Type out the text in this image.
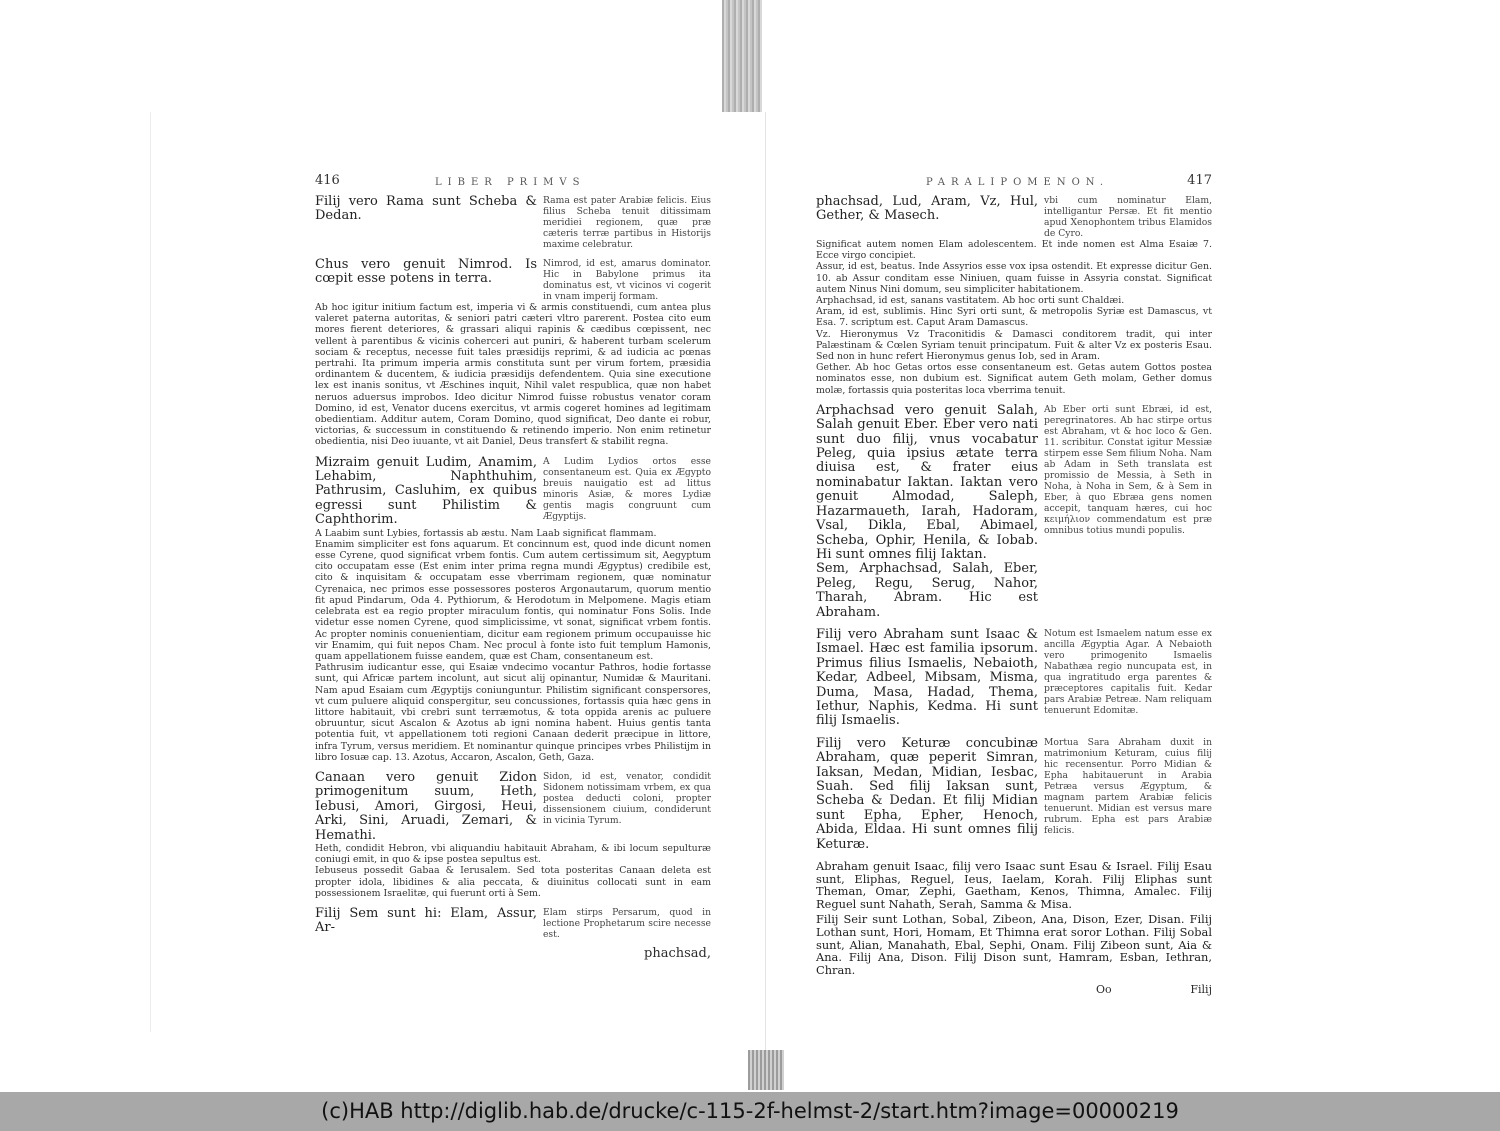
416	LIBER PRIMVS
Filij vero Rama sunt Scheba & Dedan.
Rama est pater Arabiæ felicis. Eius filius Scheba tenuit ditissimam meridiei regionem, quæ præ cæteris terræ partibus in Historijs maxime celebratur.
Chus vero genuit Nimrod. Is cœpit esse potens in terra.
Nimrod, id est, amarus dominator. Hic in Babylone primus ita dominatus est, vt vicinos vi cogerit in vnam imperij formam.
Ab hoc igitur initium factum est, imperia vi & armis constituendi, cum antea plus valeret paterna autoritas, & seniori patri cæteri vltro parerent. Postea cito eum mores fierent deteriores, & grassari aliqui rapinis & cædibus cœpissent, nec vellent à parentibus & vicinis coherceri aut puniri, & haberent turbam scelerum sociam & receptus, necesse fuit tales præsidijs reprimi, & ad iudicia ac pœnas pertrahi. Ita primum imperia armis constituta sunt per virum fortem, præsidia ordinantem & ducentem, & iudicia præsidijs defendentem. Quia sine executione lex est inanis sonitus, vt Æschines inquit, Nihil valet respublica, quæ non habet neruos aduersus improbos. Ideo dicitur Nimrod fuisse robustus venator coram Domino, id est, Venator ducens exercitus, vt armis cogeret homines ad legitimam obedientiam. Additur autem, Coram Domino, quod significat, Deo dante ei robur, victorias, & successum in constituendo & retinendo imperio. Non enim retinetur obedientia, nisi Deo iuuante, vt ait Daniel, Deus transfert & stabilit regna.
Mizraim genuit Ludim, Anamim, Lehabim, Naphthuhim, Pathrusim, Casluhim, ex quibus egressi sunt Philistim & Caphthorim.
A Ludim Lydios ortos esse consentaneum est. Quia ex Ægypto breuis nauigatio est ad littus minoris Asiæ, & mores Lydiæ gentis magis congruunt cum Ægyptijs.
A Laabim sunt Lybies, fortassis ab æstu. Nam Laab significat flammam.
Enamim simpliciter est fons aquarum. Et concinnum est, quod inde dicunt nomen esse Cyrene, quod significat vrbem fontis. Cum autem certissimum sit, Aegyptum cito occupatam esse (Est enim inter prima regna mundi Ægyptus) credibile est, cito & inquisitam & occupatam esse vberrimam regionem, quæ nominatur Cyrenaica, nec primos esse possessores posteros Argonautarum, quorum mentio fit apud Pindarum, Oda 4. Pythiorum, & Herodotum in Melpomene. Magis etiam celebrata est ea regio propter miraculum fontis, qui nominatur Fons Solis. Inde videtur esse nomen Cyrene, quod simplicissime, vt sonat, significat vrbem fontis. Ac propter nominis conuenientiam, dicitur eam regionem primum occupauisse hic vir Enamim, qui fuit nepos Cham. Nec procul à fonte isto fuit templum Hamonis, quam appellationem fuisse eandem, quæ est Cham, consentaneum est.
Pathrusim iudicantur esse, qui Esaiæ vndecimo vocantur Pathros, hodie fortasse sunt, qui Africæ partem incolunt, aut sicut alij opinantur, Numidæ & Mauritani. Nam apud Esaiam cum Ægyptijs coniunguntur. Philistim significant conspersores, vt cum puluere aliquid conspergitur, seu concussiones, fortassis quia hæc gens in littore habitauit, vbi crebri sunt terræmotus, & tota oppida arenis ac puluere obruuntur, sicut Ascalon & Azotus ab igni nomina habent. Huius gentis tanta potentia fuit, vt appellationem toti regioni Canaan dederit præcipue in littore, infra Tyrum, versus meridiem. Et nominantur quinque principes vrbes Philistijm in libro Iosuæ cap. 13. Azotus, Accaron, Ascalon, Geth, Gaza.
Canaan vero genuit Zidon primogenitum suum, Heth, Iebusi, Amori, Girgosi, Heui, Arki, Sini, Aruadi, Zemari, & Hemathi.
Sidon, id est, venator, condidit Sidonem notissimam vrbem, ex qua postea deducti coloni, propter dissensionem ciuium, condiderunt in vicinia Tyrum.
Heth, condidit Hebron, vbi aliquandiu habitauit Abraham, & ibi locum sepulturæ coniugi emit, in quo & ipse postea sepultus est.
Iebuseus possedit Gabaa & Ierusalem. Sed tota posteritas Canaan deleta est propter idola, libidines & alia peccata, & diuinitus collocati sunt in eam possessionem Israelitæ, qui fuerunt orti à Sem.
Filij Sem sunt hi: Elam, Assur, Ar-
Elam stirps Persarum, quod in lectione Prophetarum scire necesse est.
phachsad,
PARALIPOMENON.	417
phachsad, Lud, Aram, Vz, Hul, Gether, & Masech.
vbi cum nominatur Elam, intelligantur Persæ. Et fit mentio apud Xenophontem tribus Elamidos de Cyro.
Significat autem nomen Elam adolescentem. Et inde nomen est Alma Esaiæ 7. Ecce virgo concipiet.
Assur, id est, beatus. Inde Assyrios esse vox ipsa ostendit. Et expresse dicitur Gen. 10. ab Assur conditam esse Niniuen, quam fuisse in Assyria constat. Significat autem Ninus Nini domum, seu simpliciter habitationem.
Arphachsad, id est, sanans vastitatem. Ab hoc orti sunt Chaldæi.
Aram, id est, sublimis. Hinc Syri orti sunt, & metropolis Syriæ est Damascus, vt Esa. 7. scriptum est. Caput Aram Damascus.
Vz. Hieronymus Vz Traconitidis & Damasci conditorem tradit, qui inter Palæstinam & Cœlen Syriam tenuit principatum. Fuit & alter Vz ex posteris Esau. Sed non in hunc refert Hieronymus genus Iob, sed in Aram.
Gether. Ab hoc Getas ortos esse consentaneum est. Getas autem Gottos postea nominatos esse, non dubium est. Significat autem Geth molam, Gether domus molæ, fortassis quia posteritas loca vberrima tenuit.
Arphachsad vero genuit Salah, Salah genuit Eber. Eber vero nati sunt duo filij, vnus vocabatur Peleg, quia ipsius ætate terra diuisa est, & frater eius nominabatur Iaktan. Iaktan vero genuit Almodad, Saleph, Hazarmaueth, Iarah, Hadoram, Vsal, Dikla, Ebal, Abimael, Scheba, Ophir, Henila, & Iobab. Hi sunt omnes filij Iaktan.
Ab Eber orti sunt Ebræi, id est, peregrinatores. Ab hac stirpe ortus est Abraham, vt & hoc loco & Gen. 11. scribitur. Constat igitur Messiæ stirpem esse Sem filium Noha. Nam ab Adam in Seth translata est promissio de Messia, à Seth in Noha, à Noha in Sem, & à Sem in Eber, à quo Ebræa gens nomen accepit, tanquam hæres, cui hoc κειμήλιον commendatum est præ omnibus totius mundi populis.
Sem, Arphachsad, Salah, Eber, Peleg, Regu, Serug, Nahor, Tharah, Abram. Hic est Abraham.
Filij vero Abraham sunt Isaac & Ismael. Hæc est familia ipsorum. Primus filius Ismaelis, Nebaioth, Kedar, Adbeel, Mibsam, Misma, Duma, Masa, Hadad, Thema, Iethur, Naphis, Kedma. Hi sunt filij Ismaelis.
Notum est Ismaelem natum esse ex ancilla Ægyptia Agar. A Nebaioth vero primogenito Ismaelis Nabathæa regio nuncupata est, in qua ingratitudo erga parentes & præceptores capitalis fuit. Kedar pars Arabiæ Petreæ. Nam reliquam tenuerunt Edomitæ.
Filij vero Keturæ concubinæ Abraham, quæ peperit Simran, Iaksan, Medan, Midian, Iesbac, Suah. Sed filij Iaksan sunt, Scheba & Dedan. Et filij Midian sunt Epha, Epher, Henoch, Abida, Eldaa. Hi sunt omnes filij Keturæ.
Mortua Sara Abraham duxit in matrimonium Keturam, cuius filij hic recensentur. Porro Midian & Epha habitauerunt in Arabia Petræa versus Ægyptum, & magnam partem Arabiæ felicis tenuerunt. Midian est versus mare rubrum. Epha est pars Arabiæ felicis.
Abraham genuit Isaac, filij vero Isaac sunt Esau & Israel. Filij Esau sunt, Eliphas, Reguel, Ieus, Iaelam, Korah. Filij Eliphas sunt Theman, Omar, Zephi, Gaetham, Kenos, Thimna, Amalec. Filij Reguel sunt Nahath, Serah, Samma & Misa.
Filij Seir sunt Lothan, Sobal, Zibeon, Ana, Dison, Ezer, Disan. Filij Lothan sunt, Hori, Homam, Et Thimna erat soror Lothan. Filij Sobal sunt, Alian, Manahath, Ebal, Sephi, Onam. Filij Zibeon sunt, Aia & Ana. Filij Ana, Dison. Filij Dison sunt, Hamram, Esban, Iethran, Chran.
Oo	Filij
(c)HAB http://diglib.hab.de/drucke/c-115-2f-helmst-2/start.htm?image=00000219
